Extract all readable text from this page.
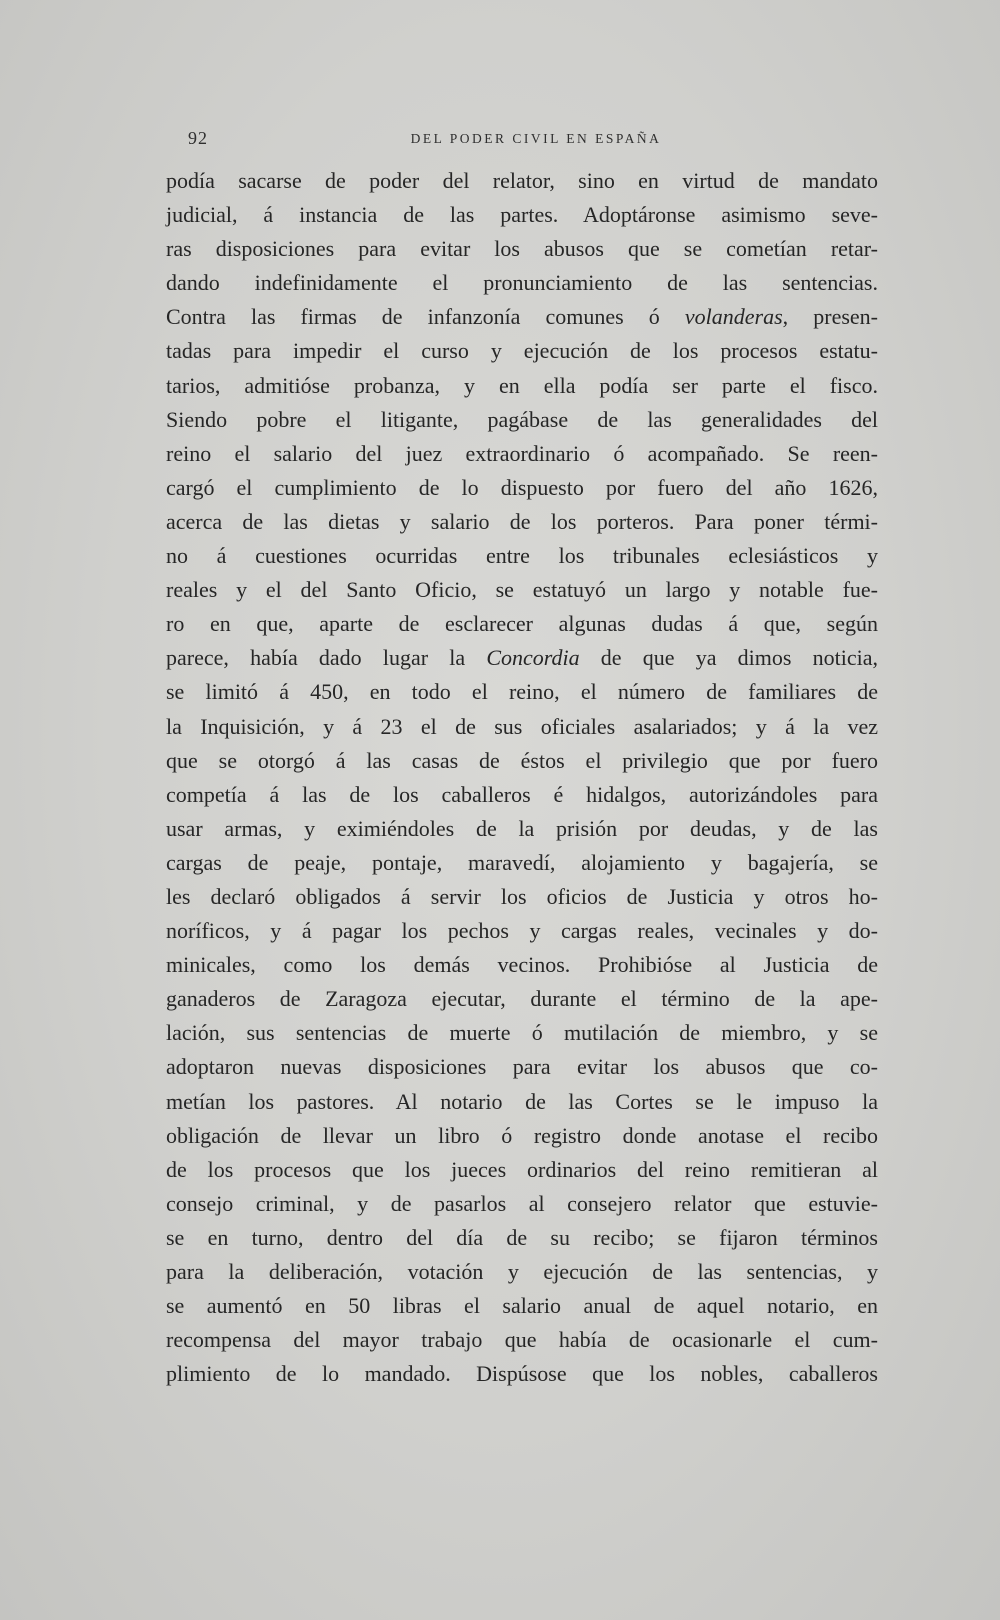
92	DEL PODER CIVIL EN ESPAÑA
podía sacarse de poder del relator, sino en virtud de mandato
judicial, á instancia de las partes. Adoptáronse asimismo seve-
ras disposiciones para evitar los abusos que se cometían retar-
dando indefinidamente el pronunciamiento de las sentencias.
Contra las firmas de infanzonía comunes ó volanderas, presen-
tadas para impedir el curso y ejecución de los procesos estatu-
tarios, admitióse probanza, y en ella podía ser parte el fisco.
Siendo pobre el litigante, pagábase de las generalidades del
reino el salario del juez extraordinario ó acompañado. Se reen-
cargó el cumplimiento de lo dispuesto por fuero del año 1626,
acerca de las dietas y salario de los porteros. Para poner térmi-
no á cuestiones ocurridas entre los tribunales eclesiásticos y
reales y el del Santo Oficio, se estatuyó un largo y notable fue-
ro en que, aparte de esclarecer algunas dudas á que, según
parece, había dado lugar la Concordia de que ya dimos noticia,
se limitó á 450, en todo el reino, el número de familiares de
la Inquisición, y á 23 el de sus oficiales asalariados; y á la vez
que se otorgó á las casas de éstos el privilegio que por fuero
competía á las de los caballeros é hidalgos, autorizándoles para
usar armas, y eximiéndoles de la prisión por deudas, y de las
cargas de peaje, pontaje, maravedí, alojamiento y bagajería, se
les declaró obligados á servir los oficios de Justicia y otros ho-
noríficos, y á pagar los pechos y cargas reales, vecinales y do-
minicales, como los demás vecinos. Prohibióse al Justicia de
ganaderos de Zaragoza ejecutar, durante el término de la ape-
lación, sus sentencias de muerte ó mutilación de miembro, y se
adoptaron nuevas disposiciones para evitar los abusos que co-
metían los pastores. Al notario de las Cortes se le impuso la
obligación de llevar un libro ó registro donde anotase el recibo
de los procesos que los jueces ordinarios del reino remitieran al
consejo criminal, y de pasarlos al consejero relator que estuvie-
se en turno, dentro del día de su recibo; se fijaron términos
para la deliberación, votación y ejecución de las sentencias, y
se aumentó en 50 libras el salario anual de aquel notario, en
recompensa del mayor trabajo que había de ocasionarle el cum-
plimiento de lo mandado. Dispúsose que los nobles, caballeros
